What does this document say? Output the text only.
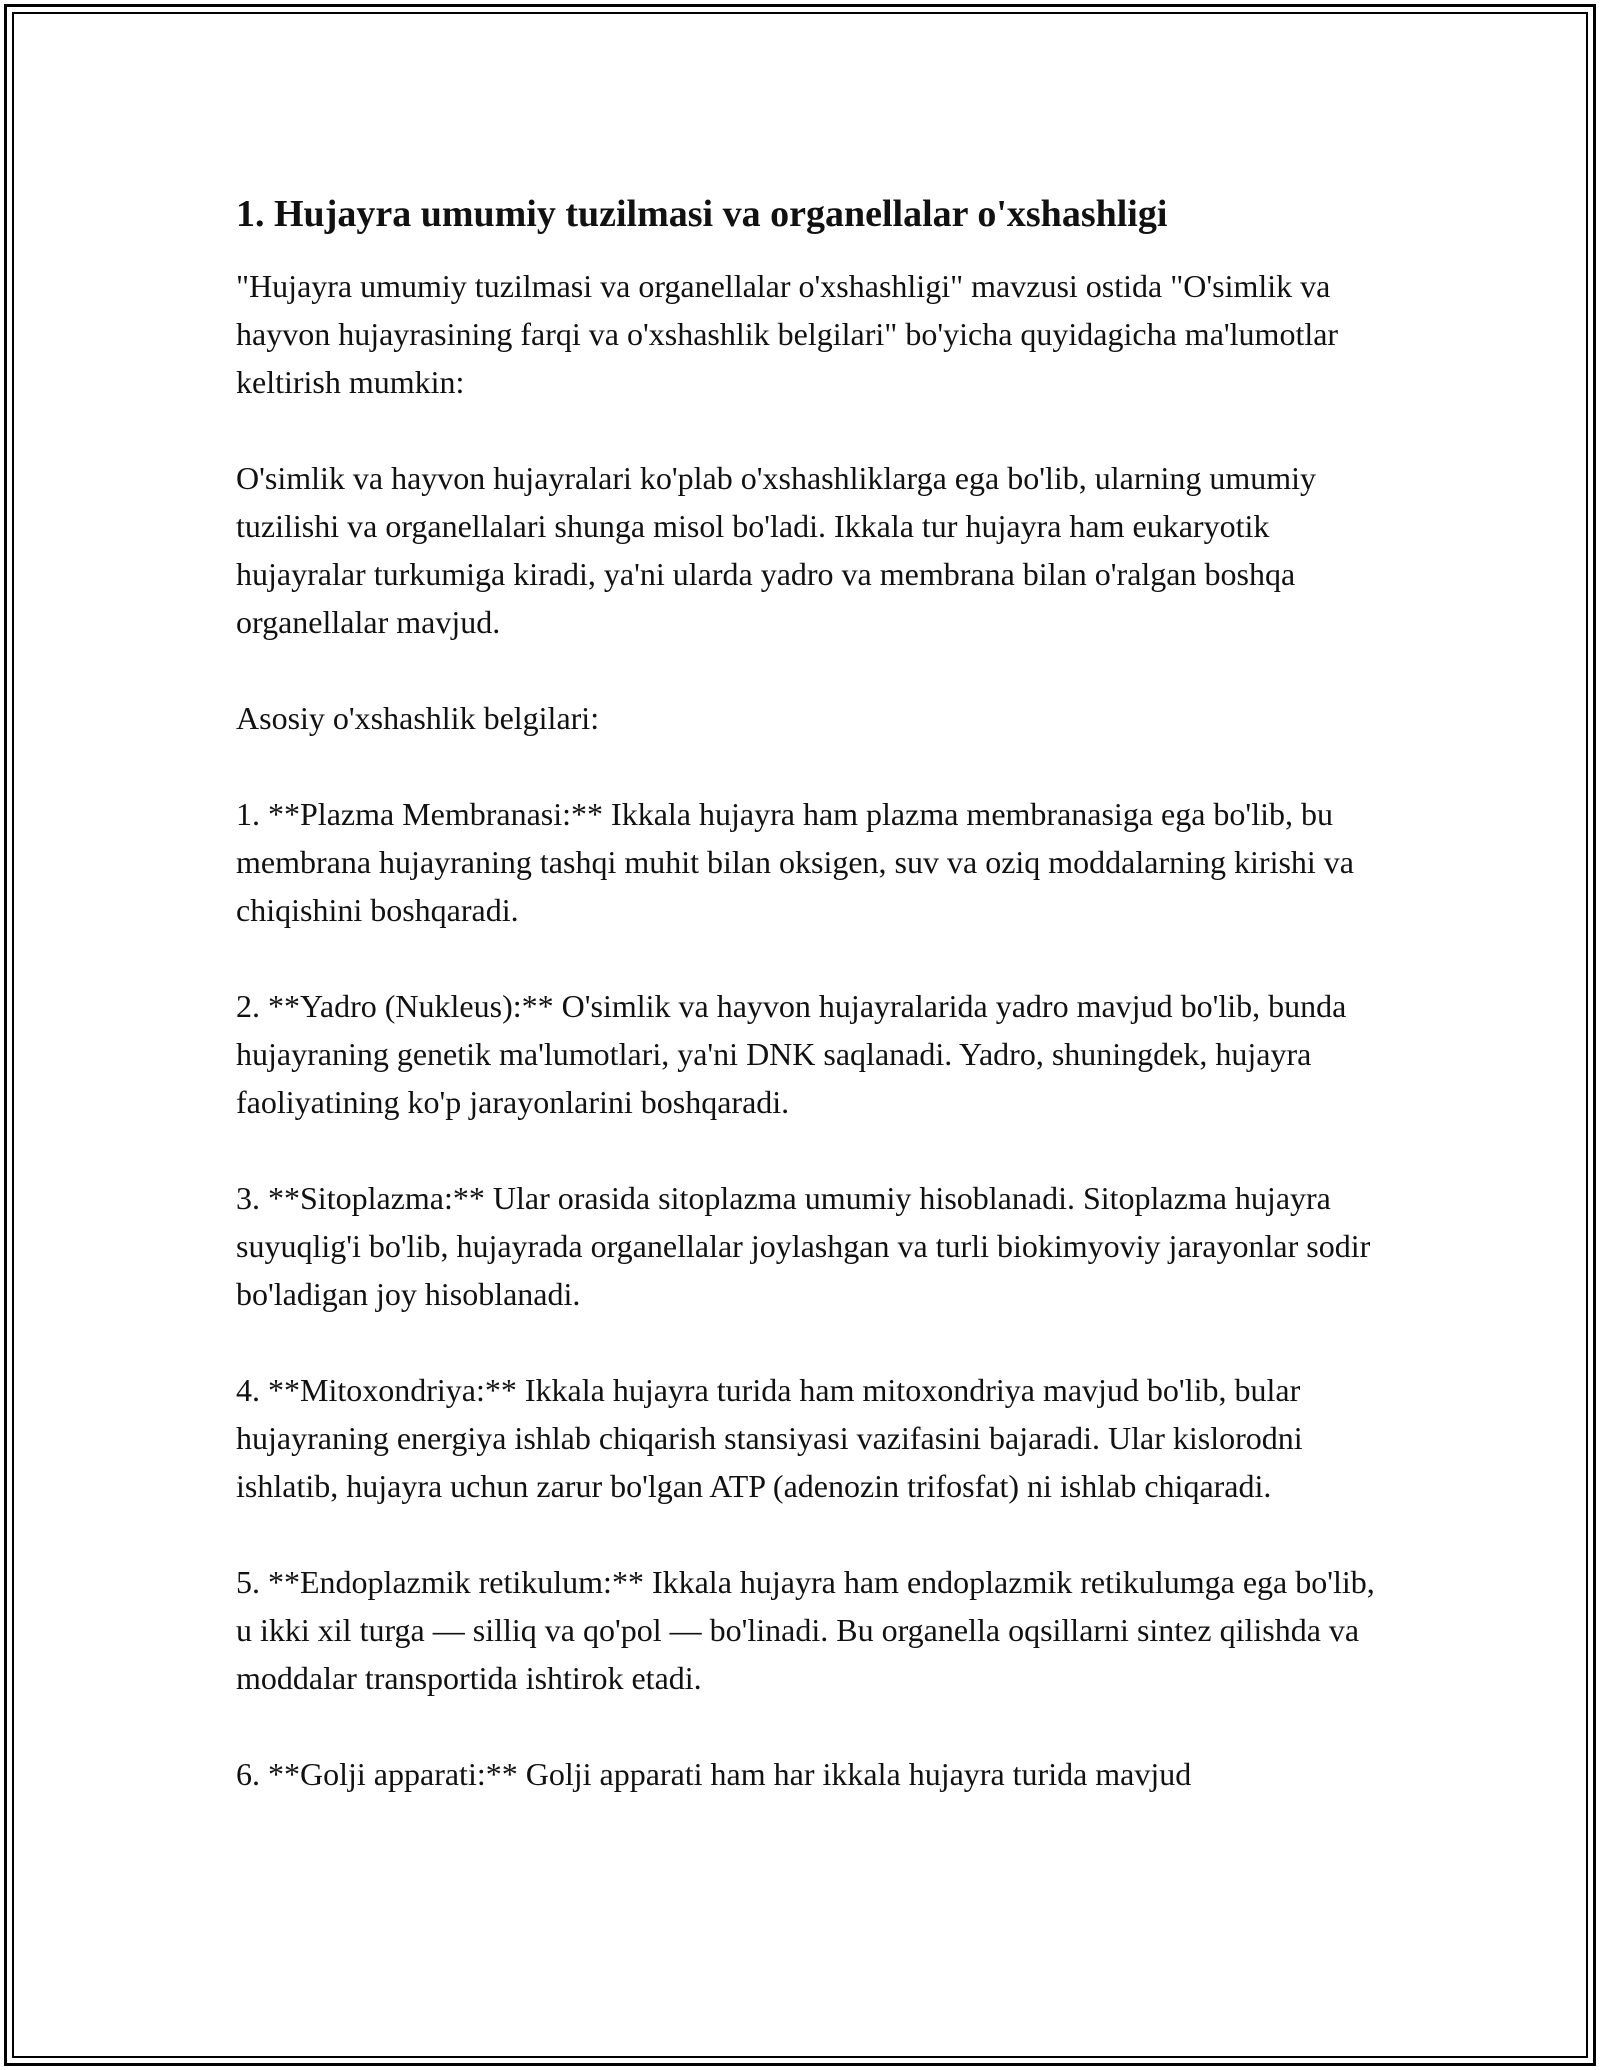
1. Hujayra umumiy tuzilmasi va organellalar o'xshashligi

"Hujayra umumiy tuzilmasi va organellalar o'xshashligi" mavzusi ostida "O'simlik va hayvon hujayrasining farqi va o'xshashlik belgilari" bo'yicha quyidagicha ma'lumotlar keltirish mumkin:

O'simlik va hayvon hujayralari ko'plab o'xshashliklarga ega bo'lib, ularning umumiy tuzilishi va organellalari shunga misol bo'ladi. Ikkala tur hujayra ham eukaryotik hujayralar turkumiga kiradi, ya'ni ularda yadro va membrana bilan o'ralgan boshqa organellalar mavjud.

Asosiy o'xshashlik belgilari:

1. **Plazma Membranasi:** Ikkala hujayra ham plazma membranasiga ega bo'lib, bu membrana hujayraning tashqi muhit bilan oksigen, suv va oziq moddalarning kirishi va chiqishini boshqaradi.

2. **Yadro (Nukleus):** O'simlik va hayvon hujayralarida yadro mavjud bo'lib, bunda hujayraning genetik ma'lumotlari, ya'ni DNK saqlanadi. Yadro, shuningdek, hujayra faoliyatining ko'p jarayonlarini boshqaradi.

3. **Sitoplazma:** Ular orasida sitoplazma umumiy hisoblanadi. Sitoplazma hujayra suyuqlig'i bo'lib, hujayrada organellalar joylashgan va turli biokimyoviy jarayonlar sodir bo'ladigan joy hisoblanadi.

4. **Mitoxondriya:** Ikkala hujayra turida ham mitoxondriya mavjud bo'lib, bular hujayraning energiya ishlab chiqarish stansiyasi vazifasini bajaradi. Ular kislorodni ishlatib, hujayra uchun zarur bo'lgan ATP (adenozin trifosfat) ni ishlab chiqaradi.

5. **Endoplazmik retikulum:** Ikkala hujayra ham endoplazmik retikulumga ega bo'lib, u ikki xil turga — silliq va qo'pol — bo'linadi. Bu organella oqsillarni sintez qilishda va moddalar transportida ishtirok etadi.

6. **Golji apparati:** Golji apparati ham har ikkala hujayra turida mavjud
